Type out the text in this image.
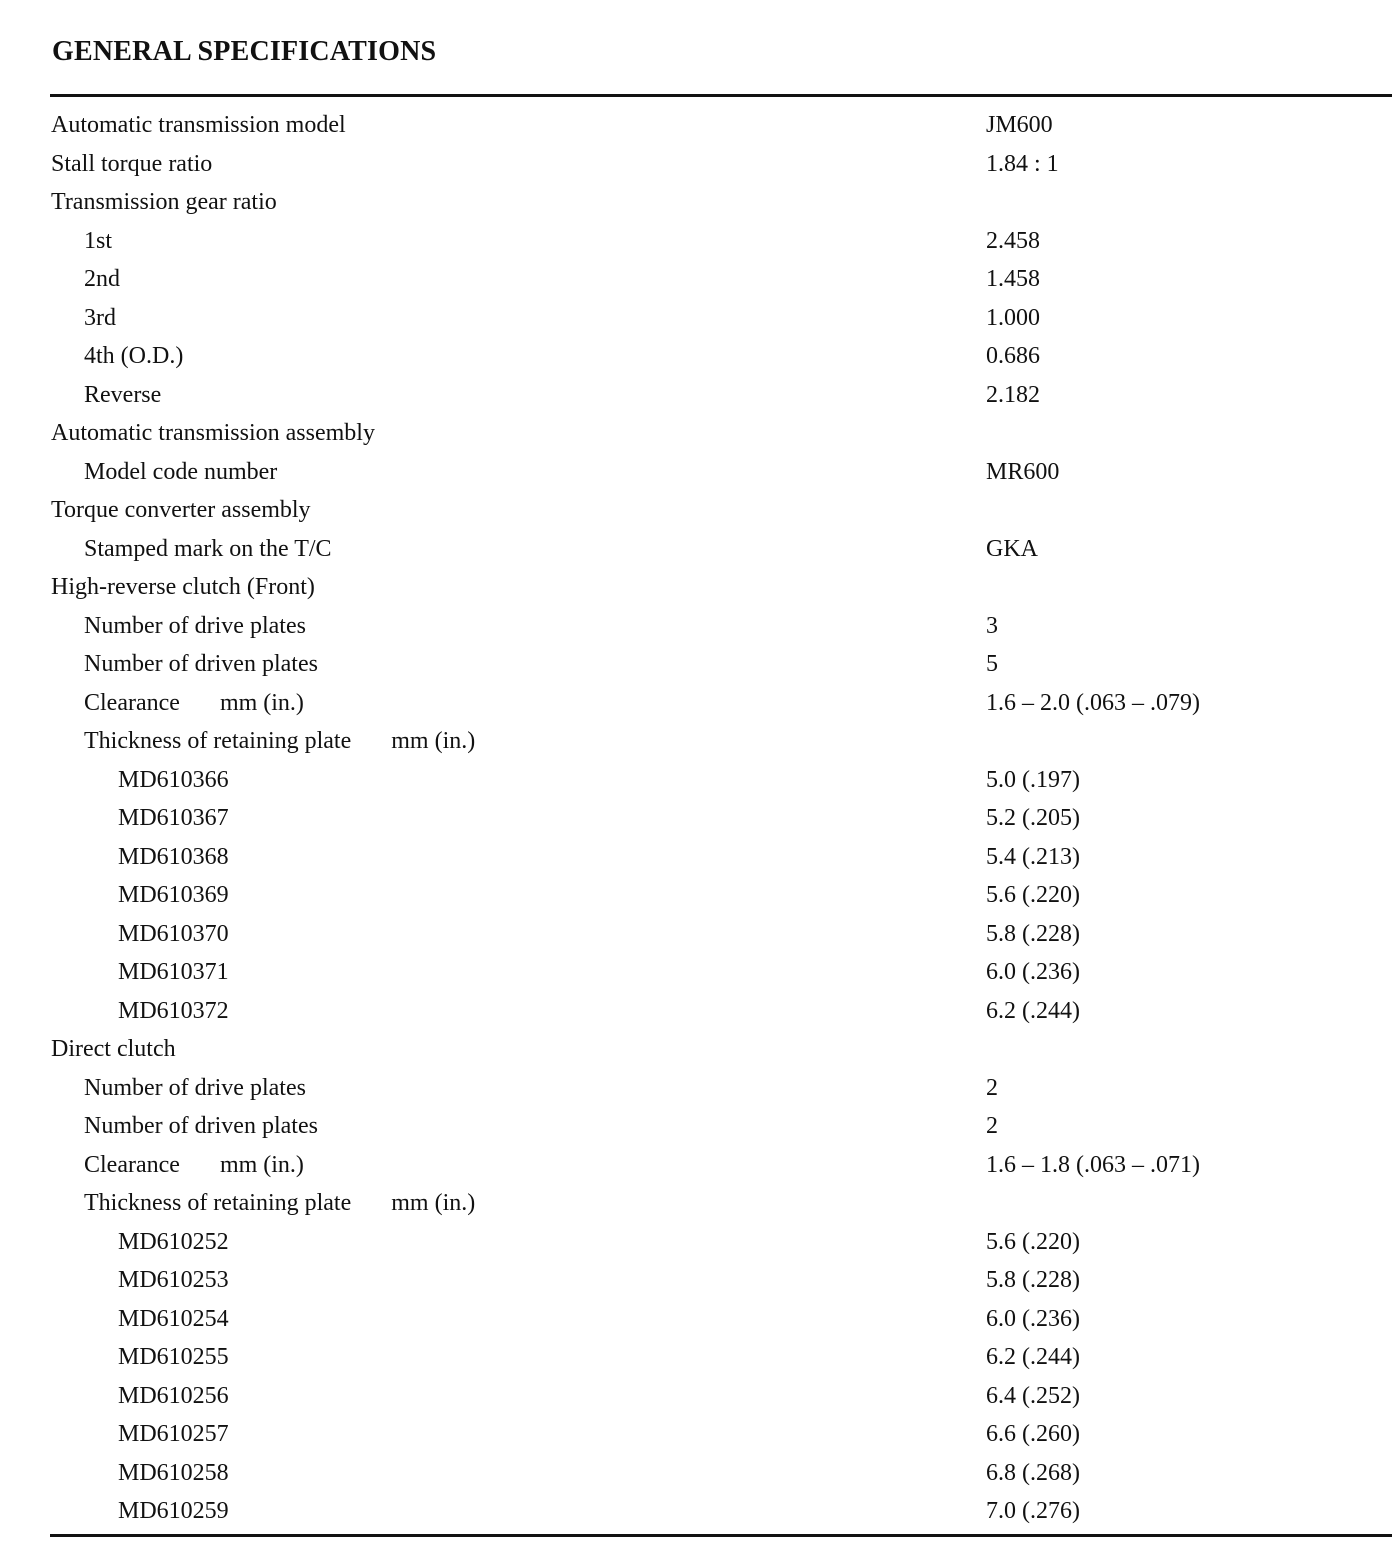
GENERAL SPECIFICATIONS
Automatic transmission model	JM600
Stall torque ratio	1.84 : 1
Transmission gear ratio
1st	2.458
2nd	1.458
3rd	1.000
4th (O.D.)	0.686
Reverse	2.182
Automatic transmission assembly
Model code number	MR600
Torque converter assembly
Stamped mark on the T/C	GKA
High-reverse clutch (Front)
Number of drive plates	3
Number of driven plates	5
Clearance mm (in.)	1.6 – 2.0 (.063 – .079)
Thickness of retaining plate mm (in.)
MD610366	5.0 (.197)
MD610367	5.2 (.205)
MD610368	5.4 (.213)
MD610369	5.6 (.220)
MD610370	5.8 (.228)
MD610371	6.0 (.236)
MD610372	6.2 (.244)
Direct clutch
Number of drive plates	2
Number of driven plates	2
Clearance mm (in.)	1.6 – 1.8 (.063 – .071)
Thickness of retaining plate mm (in.)
MD610252	5.6 (.220)
MD610253	5.8 (.228)
MD610254	6.0 (.236)
MD610255	6.2 (.244)
MD610256	6.4 (.252)
MD610257	6.6 (.260)
MD610258	6.8 (.268)
MD610259	7.0 (.276)
